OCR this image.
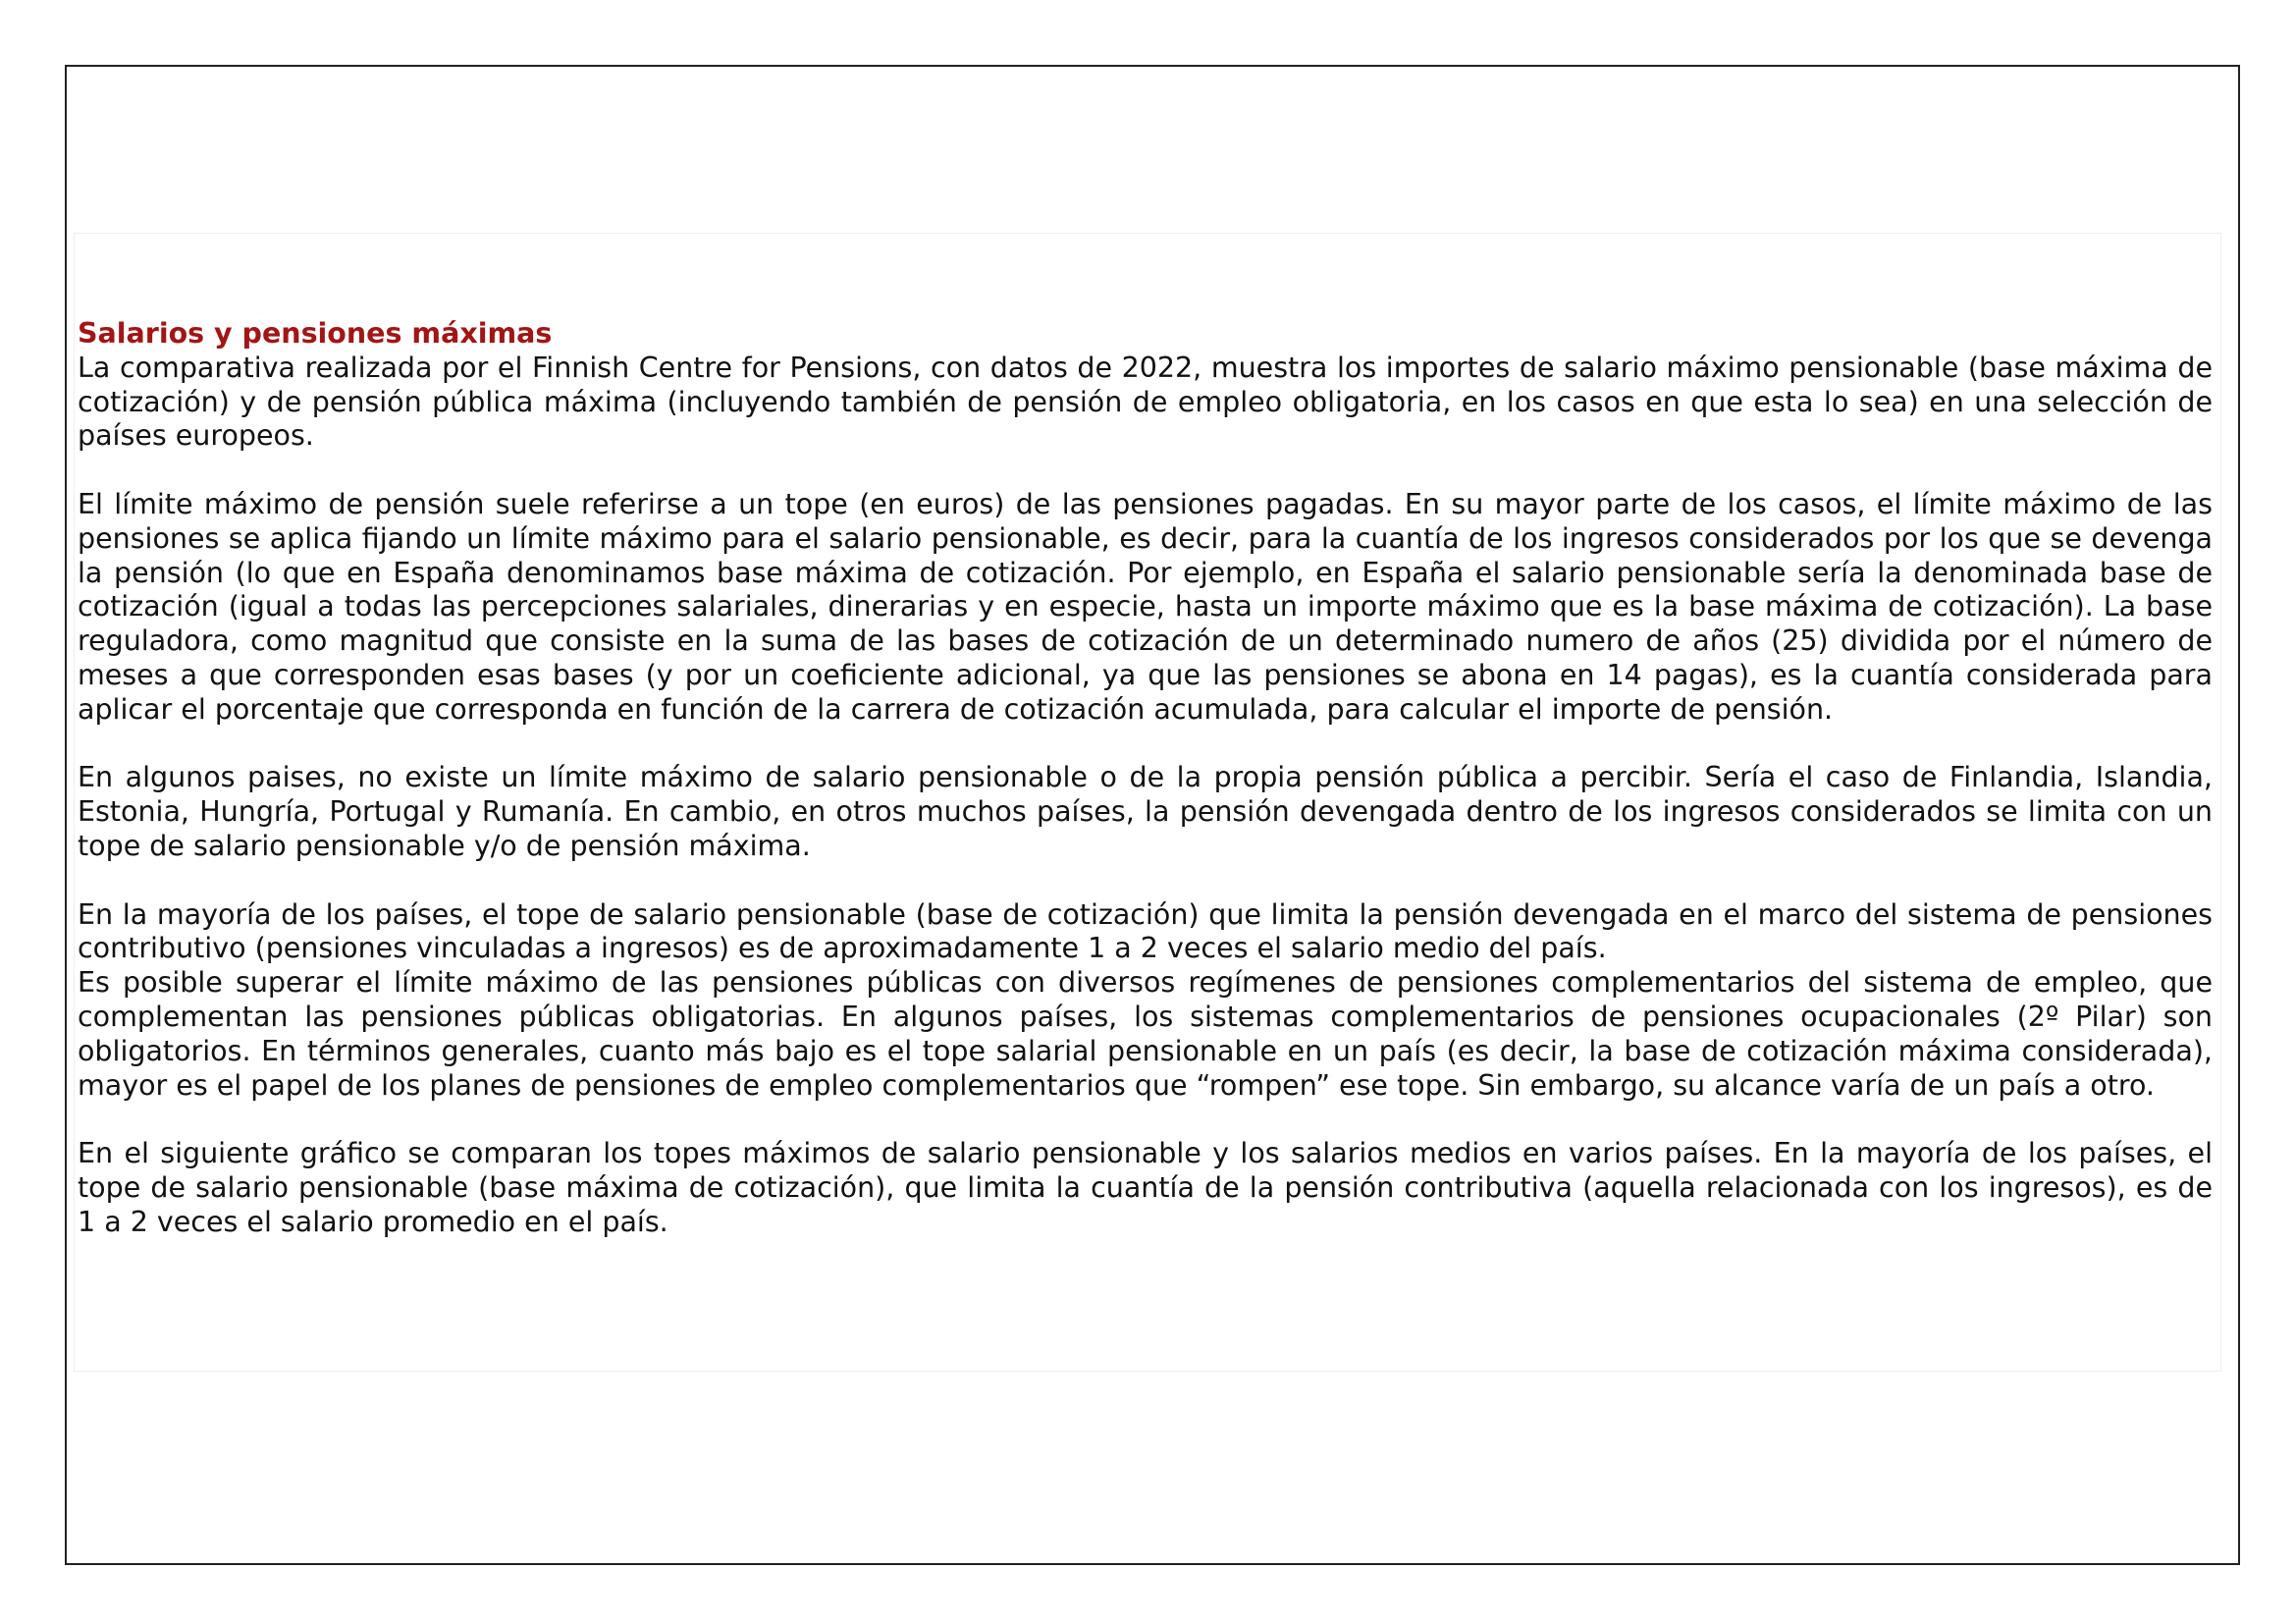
Salarios y pensiones máximas

La comparativa realizada por el Finnish Centre for Pensions, con datos de 2022, muestra los importes de salario máximo pensionable (base máxima de cotización) y de pensión pública máxima (incluyendo también de pensión de empleo obligatoria, en los casos en que esta lo sea) en una selección de países europeos.

El límite máximo de pensión suele referirse a un tope (en euros) de las pensiones pagadas. En su mayor parte de los casos, el límite máximo de las pensiones se aplica fijando un límite máximo para el salario pensionable, es decir, para la cuantía de los ingresos considerados por los que se devenga la pensión (lo que en España denominamos base máxima de cotización. Por ejemplo, en España el salario pensionable sería la denominada base de cotización (igual a todas las percepciones salariales, dinerarias y en especie, hasta un importe máximo que es la base máxima de cotización). La base reguladora, como magnitud que consiste en la suma de las bases de cotización de un determinado numero de años (25) dividida por el número de meses a que corresponden esas bases (y por un coeficiente adicional, ya que las pensiones se abona en 14 pagas), es la cuantía considerada para aplicar el porcentaje que corresponda en función de la carrera de cotización acumulada, para calcular el importe de pensión.

En algunos paises, no existe un límite máximo de salario pensionable o de la propia pensión pública a percibir. Sería el caso de Finlandia, Islandia, Estonia, Hungría, Portugal y Rumanía. En cambio, en otros muchos países, la pensión devengada dentro de los ingresos considerados se limita con un tope de salario pensionable y/o de pensión máxima.

En la mayoría de los países, el tope de salario pensionable (base de cotización) que limita la pensión devengada en el marco del sistema de pensiones contributivo (pensiones vinculadas a ingresos) es de aproximadamente 1 a 2 veces el salario medio del país.

Es posible superar el límite máximo de las pensiones públicas con diversos regímenes de pensiones complementarios del sistema de empleo, que complementan las pensiones públicas obligatorias. En algunos países, los sistemas complementarios de pensiones ocupacionales (2º Pilar) son obligatorios. En términos generales, cuanto más bajo es el tope salarial pensionable en un país (es decir, la base de cotización máxima considerada), mayor es el papel de los planes de pensiones de empleo complementarios que “rompen” ese tope. Sin embargo, su alcance varía de un país a otro.

En el siguiente gráfico se comparan los topes máximos de salario pensionable y los salarios medios en varios países. En la mayoría de los países, el tope de salario pensionable (base máxima de cotización), que limita la cuantía de la pensión contributiva (aquella relacionada con los ingresos), es de 1 a 2 veces el salario promedio en el país.
